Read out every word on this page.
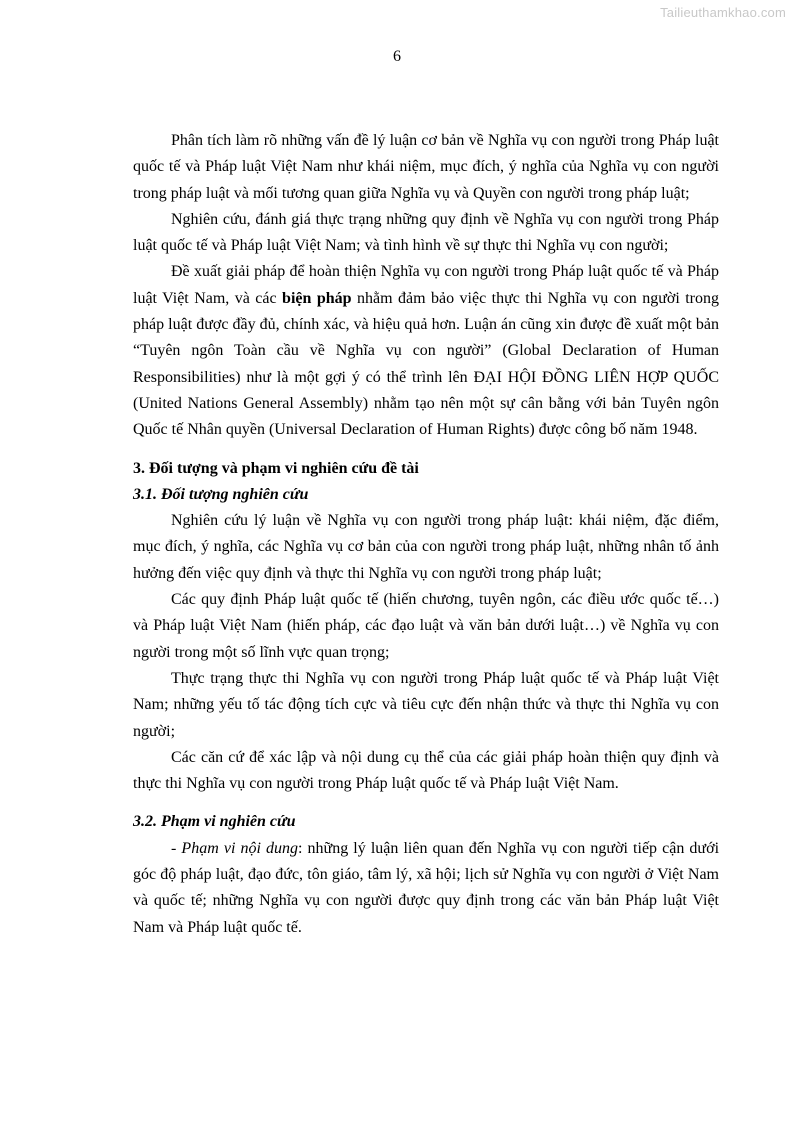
Tailieuthamkhao.com
6

Phân tích làm rõ những vấn đề lý luận cơ bản về Nghĩa vụ con người trong Pháp luật quốc tế và Pháp luật Việt Nam như khái niệm, mục đích, ý nghĩa của Nghĩa vụ con người trong pháp luật và mối tương quan giữa Nghĩa vụ và Quyền con người trong pháp luật;

Nghiên cứu, đánh giá thực trạng những quy định về Nghĩa vụ con người trong Pháp luật quốc tế và Pháp luật Việt Nam; và tình hình về sự thực thi Nghĩa vụ con người;

Đề xuất giải pháp để hoàn thiện Nghĩa vụ con người trong Pháp luật quốc tế và Pháp luật Việt Nam, và các biện pháp nhằm đảm bảo việc thực thi Nghĩa vụ con người trong pháp luật được đầy đủ, chính xác, và hiệu quả hơn. Luận án cũng xin được đề xuất một bản “Tuyên ngôn Toàn cầu về Nghĩa vụ con người” (Global Declaration of Human Responsibilities) như là một gợi ý có thể trình lên ĐẠI HỘI ĐỒNG LIÊN HỢP QUỐC (United Nations General Assembly) nhằm tạo nên một sự cân bằng với bản Tuyên ngôn Quốc tế Nhân quyền (Universal Declaration of Human Rights) được công bố năm 1948.

3. Đối tượng và phạm vi nghiên cứu đề tài
3.1. Đối tượng nghiên cứu

Nghiên cứu lý luận về Nghĩa vụ con người trong pháp luật: khái niệm, đặc điểm, mục đích, ý nghĩa, các Nghĩa vụ cơ bản của con người trong pháp luật, những nhân tố ảnh hưởng đến việc quy định và thực thi Nghĩa vụ con người trong pháp luật;

Các quy định Pháp luật quốc tế (hiến chương, tuyên ngôn, các điều ước quốc tế…) và Pháp luật Việt Nam (hiến pháp, các đạo luật và văn bản dưới luật…) về Nghĩa vụ con người trong một số lĩnh vực quan trọng;

Thực trạng thực thi Nghĩa vụ con người trong Pháp luật quốc tế và Pháp luật Việt Nam; những yếu tố tác động tích cực và tiêu cực đến nhận thức và thực thi Nghĩa vụ con người;

Các căn cứ để xác lập và nội dung cụ thể của các giải pháp hoàn thiện quy định và thực thi Nghĩa vụ con người trong Pháp luật quốc tế và Pháp luật Việt Nam.

3.2. Phạm vi nghiên cứu

- Phạm vi nội dung: những lý luận liên quan đến Nghĩa vụ con người tiếp cận dưới góc độ pháp luật, đạo đức, tôn giáo, tâm lý, xã hội; lịch sử Nghĩa vụ con người ở Việt Nam và quốc tế; những Nghĩa vụ con người được quy định trong các văn bản Pháp luật Việt Nam và Pháp luật quốc tế.
